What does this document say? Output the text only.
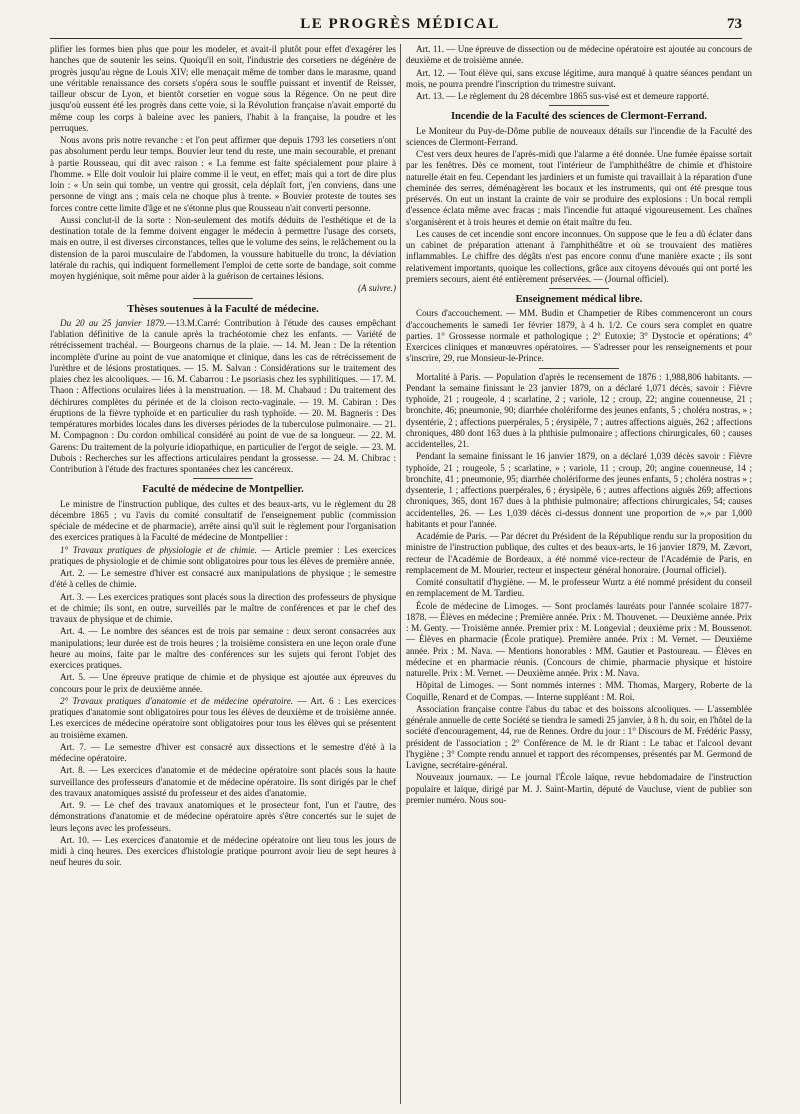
LE PROGRÈS MÉDICAL	73

plifier les formes bien plus que pour les modeler, et avait-il plutôt pour effet d'exagérer les hanches que de soutenir les seins. Quoiqu'il en soit, l'industrie des corsetiers ne dégénère de progrès jusqu'au règne de Louis XIV; elle menaçait même de tomber dans le marasme, quand une véritable renaissance des corsets s'opéra sous le souffle puissant et inventif de Reisser, tailleur obscur de Lyon, et bientôt corsetier en vogue sous la Régence. On ne peut dire jusqu'où eussent été les progrès dans cette voie, si la Révolution française n'avait emporté du même coup les corps à baleine avec les paniers, l'habit à la française, la poudre et les perruques.

Nous avons pris notre revanche : et l'on peut affirmer que depuis 1793 les corsetiers n'ont pas absolument perdu leur temps. Bouvier leur tend du reste, une main secourable, et prenant à partie Rousseau, qui dit avec raison : « La femme est faite spécialement pour plaire à l'homme. » Elle doit vouloir lui plaire comme il le veut, en effet; mais qui a tort de dire plus loin : « Un sein qui tombe, un ventre qui grossit, cela déplaît fort, j'en conviens, dans une personne de vingt ans ; mais cela ne choque plus à trente. » Bouvier proteste de toutes ses forces contre cette limite d'âge et ne s'étonne plus que Rousseau n'ait converti personne.

Aussi conclut-il de la sorte : Non-seulement des motifs déduits de l'esthétique et de la destination totale de la femme doivent engager le médecin à permettre l'usage des corsets, mais en outre, il est diverses circonstances, telles que le volume des seins, le relâchement ou la distension de la paroi musculaire de l'abdomen, la voussure habituelle du tronc, la déviation latérale du rachis, qui indiquent formellement l'emploi de cette sorte de bandage, soit comme moyen hygiénique, soit même pour aider à la guérison de certaines lésions.

(A suivre.)

Thèses soutenues à la Faculté de médecine.

Du 20 au 25 janvier 1879.—13.M.Carré: Contribution à l'étude des causes empêchant l'ablation définitive de la canule après la trachéotomie chez les enfants. — Variété de rétrécissement trachéal. — Bourgeons charnus de la plaie. — 14. M. Jean : De la rétention incomplète d'urine au point de vue anatomique et clinique, dans les cas de rétrécissement de l'urèthre et de lésions prostatiques. — 15. M. Salvan : Considérations sur le traitement des plaies chez les alcooliques. — 16. M. Cabarrou : Le psoriasis chez les syphilitiques. — 17. M. Thaon : Affections oculaires liées à la menstruation. — 18. M. Chabaud : Du traitement des déchirures complètes du périnée et de la cloison recto-vaginale. — 19. M. Cabiran : Des éruptions de la fièvre typhoïde et en particulier du rash typhoïde. — 20. M. Bagneris : Des températures morbides locales dans les diverses périodes de la tuberculose pulmonaire. — 21. M. Compagnon : Du cordon ombilical considéré au point de vue de sa longueur. — 22. M. Garens: Du traitement de la polyurie idiopathique, en particulier de l'ergot de seigle. — 23. M. Dubois : Recherches sur les affections articulaires pendant la grossesse. — 24. M. Chibrac : Contribution à l'étude des fractures spontanées chez les cancéreux.

Faculté de médecine de Montpellier.

Le ministre de l'instruction publique, des cultes et des beaux-arts, vu le règlement du 28 décembre 1865 ; vu l'avis du comité consultatif de l'enseignement public (commission spéciale de médecine et de pharmacie), arrête ainsi qu'il suit le règlement pour l'organisation des exercices pratiques à la Faculté de médecine de Montpellier :

1° Travaux pratiques de physiologie et de chimie. — Article premier : Les exercices pratiques de physiologie et de chimie sont obligatoires pour tous les élèves de première année.

Art. 2. — Le semestre d'hiver est consacré aux manipulations de physique ; le semestre d'été à celles de chimie.

Art. 3. — Les exercices pratiques sont placés sous la direction des professeurs de physique et de chimie; ils sont, en outre, surveillés par le maître de conférences et par le chef des travaux de physique et de chimie.

Art. 4. — Le nombre des séances est de trois par semaine : deux seront consacrées aux manipulations; leur durée est de trois heures ; la troisième consistera en une leçon orale d'une heure au moins, faite par le maître des conférences sur les sujets qui feront l'objet des exercices pratiques.

Art. 5. — Une épreuve pratique de chimie et de physique est ajoutée aux épreuves du concours pour le prix de deuxième année.

2° Travaux pratiques d'anatomie et de médecine opératoire. — Art. 6 : Les exercices pratiques d'anatomie sont obligatoires pour tous les élèves de deuxième et de troisième année. Les exercices de médecine opératoire sont obligatoires pour tous les élèves qui se présentent au troisième examen.

Art. 7. — Le semestre d'hiver est consacré aux dissections et le semestre d'été à la médecine opératoire.

Art. 8. — Les exercices d'anatomie et de médecine opératoire sont placés sous la haute surveillance des professeurs d'anatomie et de médecine opératoire. Ils sont dirigés par le chef des travaux anatomiques assisté du professeur et des aides d'anatomie.

Art. 9. — Le chef des travaux anatomiques et le prosecteur font, l'un et l'autre, des démonstrations d'anatomie et de médecine opératoire après s'être concertés sur le sujet de leurs leçons avec les professeurs.

Art. 10. — Les exercices d'anatomie et de médecine opératoire ont lieu tous les jours de midi à cinq heures. Des exercices d'histologie pratique pourront avoir lieu de sept heures à neuf heures du soir.

Art. 11. — Une épreuve de dissection ou de médecine opératoire est ajoutée au concours de deuxième et de troisième année.

Art. 12. — Tout élève qui, sans excuse légitime, aura manqué à quatre séances pendant un mois, ne pourra prendre l'inscription du trimestre suivant.

Art. 13. — Le règlement du 28 décembre 1865 sus-visé est et demeure rapporté.

Incendie de la Faculté des sciences de Clermont-Ferrand.

Le Moniteur du Puy-de-Dôme publie de nouveaux détails sur l'incendie de la Faculté des sciences de Clermont-Ferrand.

C'est vers deux heures de l'après-midi que l'alarme a été donnée. Une fumée épaisse sortait par les fenêtres. Dès ce moment, tout l'intérieur de l'amphithéâtre de chimie et d'histoire naturelle était en feu. Cependant les jardiniers et un fumiste qui travaillait à la réparation d'une cheminée des serres, déménagèrent les bocaux et les instruments, qui ont été presque tous préservés. On eut un instant la crainte de voir se produire des explosions : Un bocal rempli d'essence éclata même avec fracas ; mais l'incendie fut attaqué vigoureusement. Les chaînes s'organisèrent et à trois heures et demie on était maître du feu.

Les causes de cet incendie sont encore inconnues. On suppose que le feu a dû éclater dans un cabinet de préparation attenant à l'amphithéâtre et où se trouvaient des matières inflammables. Le chiffre des dégâts n'est pas encore connu d'une manière exacte ; ils sont relativement importants, quoique les collections, grâce aux citoyens dévoués qui ont porté les premiers secours, aient été entièrement préservées. — (Journal officiel).

Enseignement médical libre.

Cours d'accouchement. — MM. Budin et Champetier de Ribes commenceront un cours d'accouchements le samedi 1er février 1879, à 4 h. 1/2. Ce cours sera complet en quatre parties. 1° Grossesse normale et pathologique ; 2° Eutoxie; 3° Dystocie et opérations; 4° Exercices cliniques et manœuvres opératoires. — S'adresser pour les renseignements et pour s'inscrire, 29, rue Monsieur-le-Prince.

Mortalité à Paris. — Population d'après le recensement de 1876 : 1,988,806 habitants. — Pendant la semaine finissant le 23 janvier 1879, on a déclaré 1,071 décès, savoir : Fièvre typhoïde, 21 ; rougeole, 4 ; scarlatine, 2 ; variole, 12 ; croup, 22; angine couenneuse, 21 ; bronchite, 46; pneumonie, 90; diarrhée cholériforme des jeunes enfants, 5 ; choléra nostras, » ; dysentérie, 2 ; affections puerpérales, 5 ; érysipèle, 7 ; autres affections aiguës, 262 ; affections chroniques, 480 dont 163 dues à la phthisie pulmonaire ; affections chirurgicales, 60 ; causes accidentelles, 21.

Pendant la semaine finissant le 16 janvier 1879, on a déclaré 1,039 décès savoir : Fièvre typhoïde, 21 ; rougeole, 5 ; scarlatine, » ; variole, 11 ; croup, 20; angine couenneuse, 14 ; bronchite, 41 ; pneumonie, 95; diarrhée cholériforme des jeunes enfants, 5 ; choléra nostras » ; dysenterie, 1 ; affections puerpérales, 6 ; érysipèle, 6 ; autres affections aiguës 269; affections chroniques, 365, dont 167 dues à la phthisie pulmonaire; affections chirurgicales, 54; causes accidentelles, 26. — Les 1,039 décès ci-dessus donnent une proportion de »,» par 1,000 habitants et pour l'année.

Académie de Paris. — Par décret du Président de la République rendu sur la proposition du ministre de l'instruction publique, des cultes et des beaux-arts, le 16 janvier 1879, M. Zævort, recteur de l'Académie de Bordeaux, a été nommé vice-recteur de l'Académie de Paris, en remplacement de M. Mourier, recteur et inspecteur général honoraire. (Journal officiel).

Comité consultatif d'hygiène. — M. le professeur Wurtz a été nommé président du conseil en remplacement de M. Tardieu.

École de médecine de Limoges. — Sont proclamés lauréats pour l'année scolaire 1877-1878. — Élèves en médecine ; Première année. Prix : M. Thouvenet. — Deuxième année. Prix : M. Genty. — Troisième année. Premier prix : M. Longevial ; deuxième prix : M. Boussenot. — Élèves en pharmacie (École pratique). Première année. Prix : M. Vernet. — Deuxième année. Prix : M. Nava. — Mentions honorables : MM. Gautier et Pastoureau. — Élèves en médecine et en pharmacie réunis. (Concours de chimie, pharmacie physique et histoire naturelle. Prix : M. Vernet. — Deuxième année. Prix : M. Nava.

Hôpital de Limoges. — Sont nommés internes : MM. Thomas, Margery, Roberte de la Coquille, Renard et de Compas. — Interne suppléant : M. Roi.

Association française contre l'abus du tabac et des boissons alcooliques. — L'assemblée générale annuelle de cette Société se tiendra le samedi 25 janvier, à 8 h. du soir, en l'hôtel de la société d'encouragement, 44, rue de Rennes. Ordre du jour : 1° Discours de M. Frédéric Passy, président de l'association ; 2° Conférence de M. le dr Riant : Le tabac et l'alcool devant l'hygiène ; 3° Compte rendu annuel et rapport des récompenses, présentés par M. Germond de Lavigne, secrétaire-général.

Nouveaux journaux. — Le journal l'École laïque, revue hebdomadaire de l'instruction populaire et laïque, dirigé par M. J. Saint-Martin, député de Vaucluse, vient de publier son premier numéro. Nous sou-
